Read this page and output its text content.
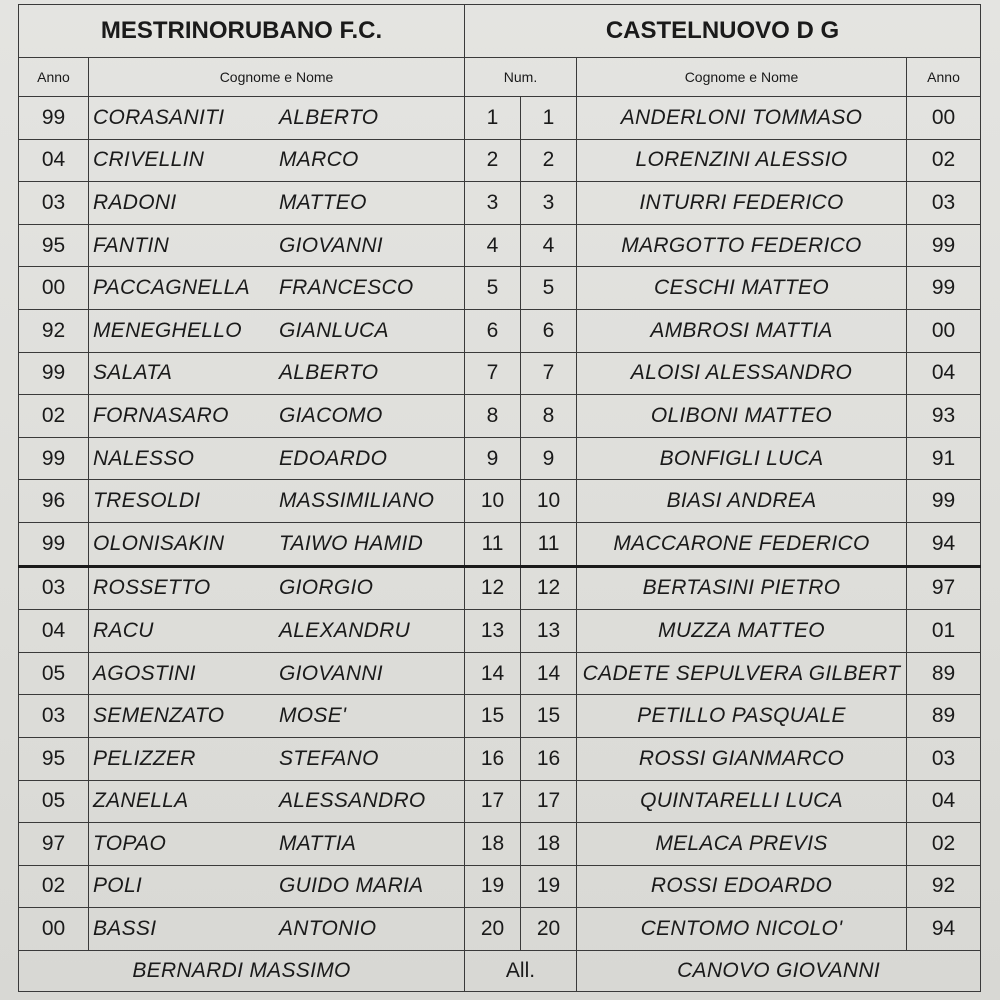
MESTRINORUBANO F.C.		CASTELNUOVO D G			
Anno	Cognome e Nome	Num.		Cognome e Nome	Anno
99	CORASANITI ALBERTO	1	1	ANDERLONI TOMMASO	00
04	CRIVELLIN MARCO	2	2	LORENZINI ALESSIO	02
03	RADONI MATTEO	3	3	INTURRI FEDERICO	03
95	FANTIN GIOVANNI	4	4	MARGOTTO FEDERICO	99
00	PACCAGNELLA FRANCESCO	5	5	CESCHI MATTEO	99
92	MENEGHELLO GIANLUCA	6	6	AMBROSI MATTIA	00
99	SALATA ALBERTO	7	7	ALOISI ALESSANDRO	04
02	FORNASARO GIACOMO	8	8	OLIBONI MATTEO	93
99	NALESSO EDOARDO	9	9	BONFIGLI LUCA	91
96	TRESOLDI MASSIMILIANO	10	10	BIASI ANDREA	99
99	OLONISAKIN TAIWO HAMID	11	11	MACCARONE FEDERICO	94
03	ROSSETTO GIORGIO	12	12	BERTASINI PIETRO	97
04	RACU ALEXANDRU	13	13	MUZZA MATTEO	01
05	AGOSTINI GIOVANNI	14	14	CADETE SEPULVERA GILBERT	89
03	SEMENZATO MOSE'	15	15	PETILLO PASQUALE	89
95	PELIZZER STEFANO	16	16	ROSSI GIANMARCO	03
05	ZANELLA ALESSANDRO	17	17	QUINTARELLI LUCA	04
97	TOPAO MATTIA	18	18	MELACA PREVIS	02
02	POLI GUIDO MARIA	19	19	ROSSI EDOARDO	92
00	BASSI ANTONIO	20	20	CENTOMO NICOLO'	94
BERNARDI MASSIMO		All.		CANOVO GIOVANNI	
